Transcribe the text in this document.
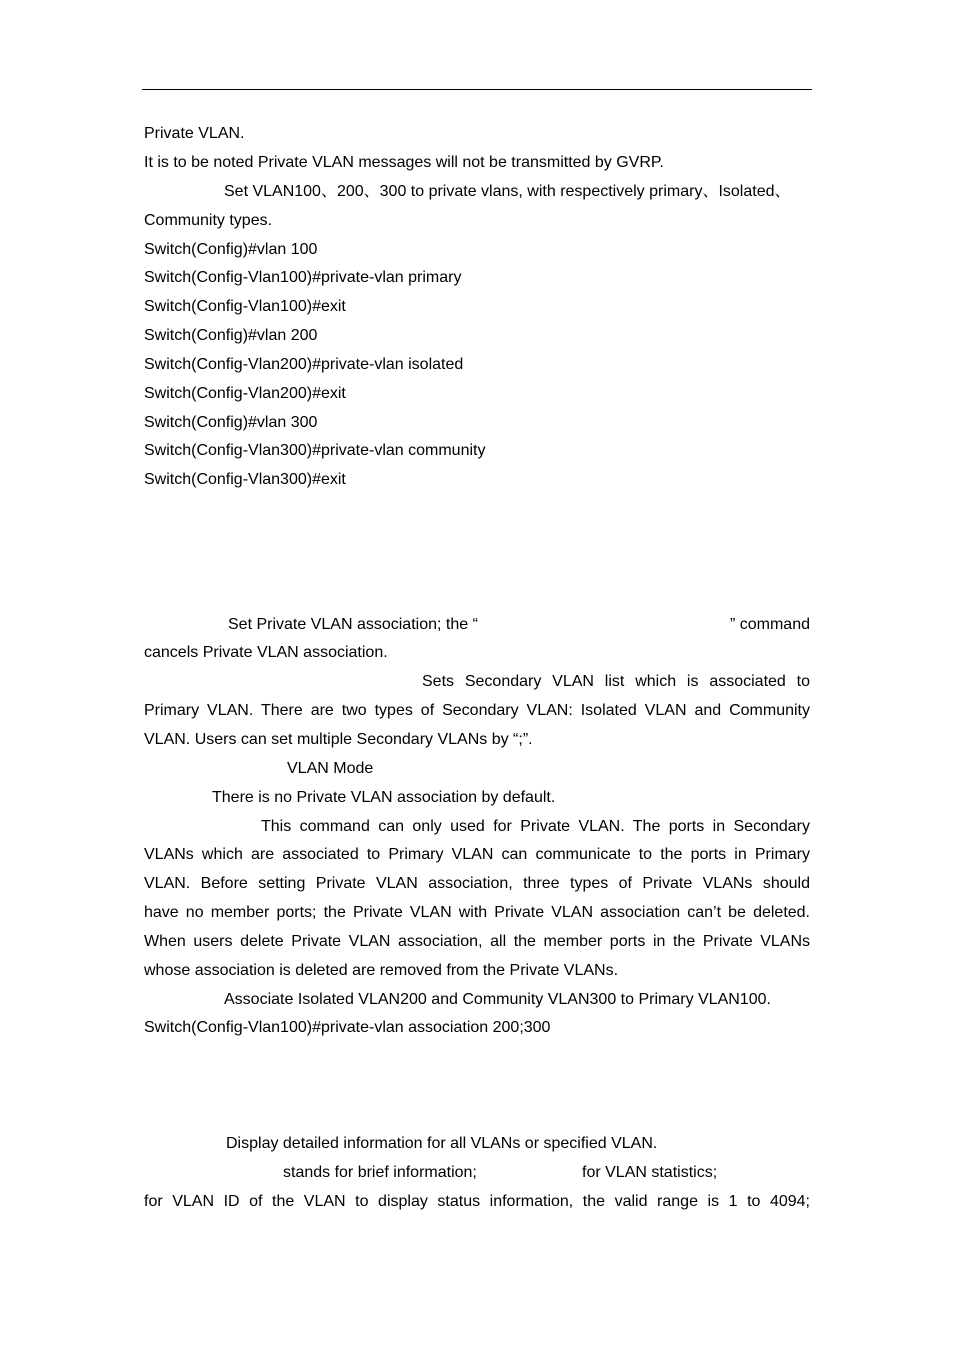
Private VLAN.
It is to be noted Private VLAN messages will not be transmitted by GVRP.
Set VLAN100、200、300 to private vlans, with respectively primary、Isolated、
Community types.
Switch(Config)#vlan 100
Switch(Config-Vlan100)#private-vlan primary
Switch(Config-Vlan100)#exit
Switch(Config)#vlan 200
Switch(Config-Vlan200)#private-vlan isolated
Switch(Config-Vlan200)#exit
Switch(Config)#vlan 300
Switch(Config-Vlan300)#private-vlan community
Switch(Config-Vlan300)#exit
Set Private VLAN association; the “	” command
cancels Private VLAN association.
Sets Secondary VLAN list which is associated to
Primary VLAN. There are two types of Secondary VLAN: Isolated VLAN and Community
VLAN. Users can set multiple Secondary VLANs by “;”.
VLAN Mode
There is no Private VLAN association by default.
This command can only used for Private VLAN. The ports in Secondary
VLANs which are associated to Primary VLAN can communicate to the ports in Primary
VLAN. Before setting Private VLAN association, three types of Private VLANs should
have no member ports; the Private VLAN with Private VLAN association can’t be deleted.
When users delete Private VLAN association, all the member ports in the Private VLANs
whose association is deleted are removed from the Private VLANs.
Associate Isolated VLAN200 and Community VLAN300 to Primary VLAN100.
Switch(Config-Vlan100)#private-vlan association 200;300
Display detailed information for all VLANs or specified VLAN.
stands for brief information;	for VLAN statistics;
for VLAN ID of the VLAN to display status information, the valid range is 1 to 4094;
